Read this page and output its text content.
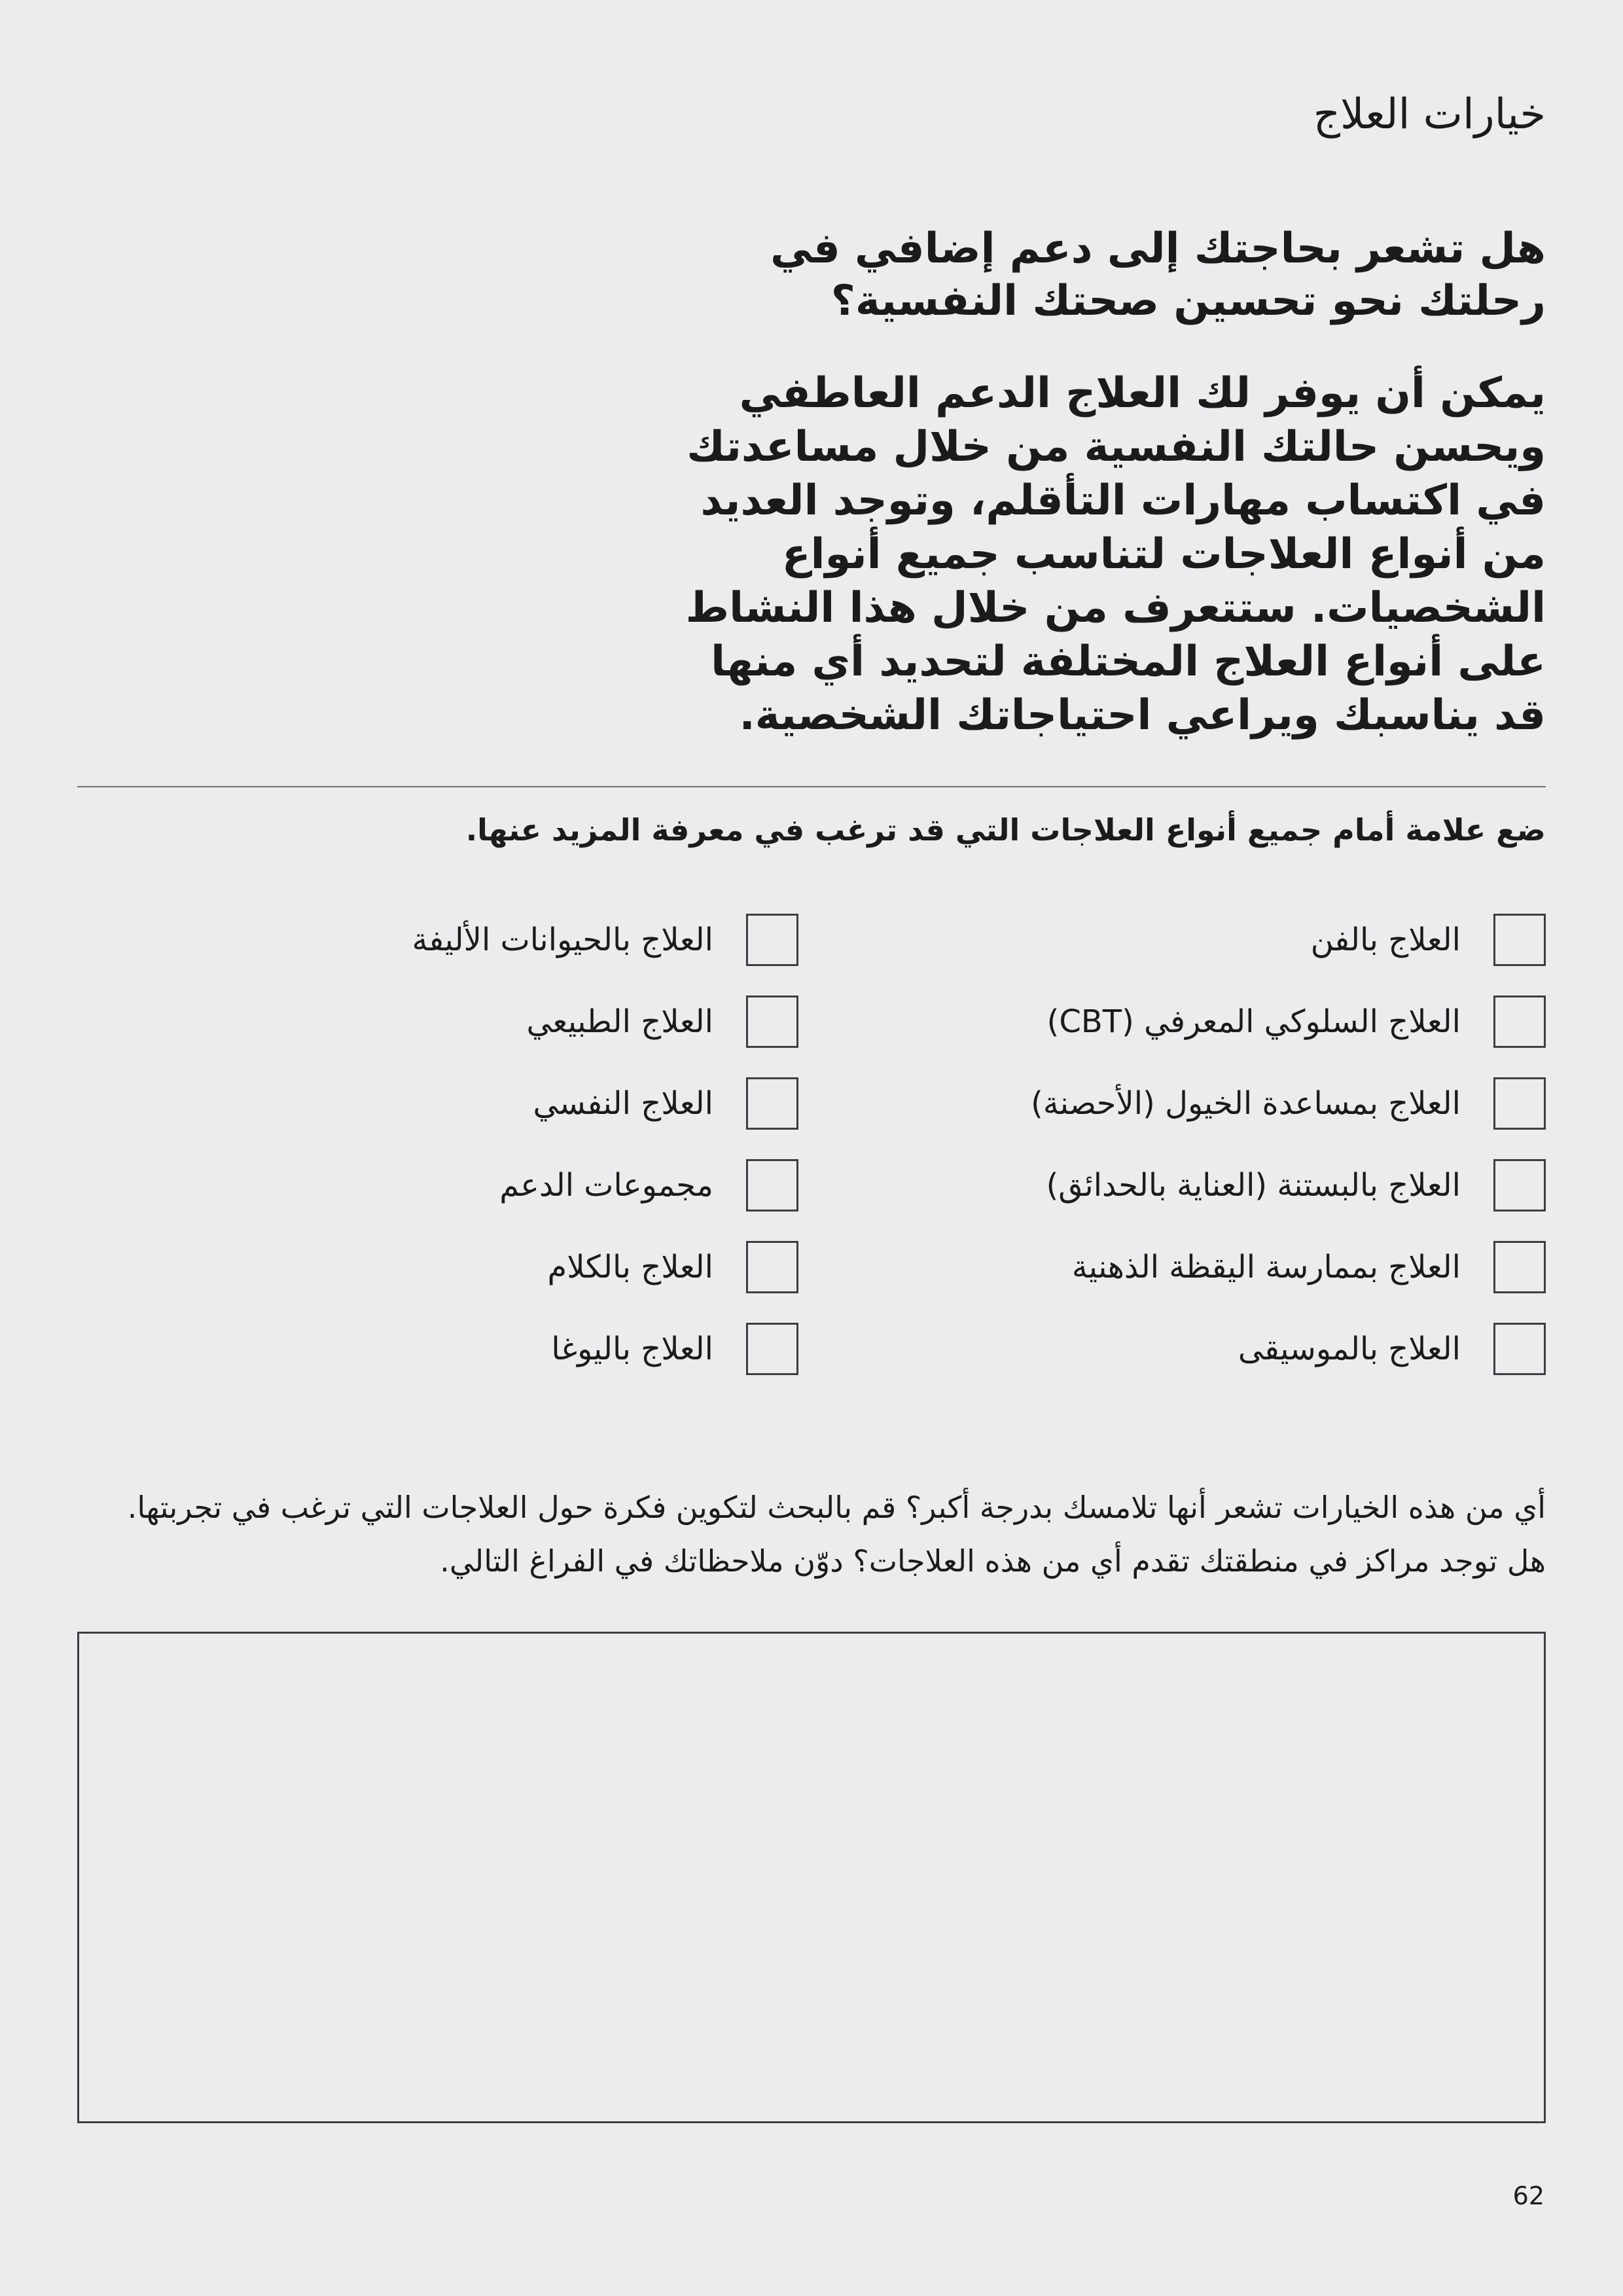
خيارات العلاج
هل تشعر بحاجتك إلى دعم إضافي في رحلتك نحو تحسين صحتك النفسية؟
يمكن أن يوفر لك العلاج الدعم العاطفي ويحسن حالتك النفسية من خلال مساعدتك في اكتساب مهارات التأقلم، وتوجد العديد من أنواع العلاجات لتناسب جميع أنواع الشخصيات. ستتعرف من خلال هذا النشاط على أنواع العلاج المختلفة لتحديد أي منها قد يناسبك ويراعي احتياجاتك الشخصية.
ضع علامة أمام جميع أنواع العلاجات التي قد ترغب في معرفة المزيد عنها.
العلاج بالفن
العلاج السلوكي المعرفي (CBT)
العلاج بمساعدة الخيول (الأحصنة)
العلاج بالبستنة (العناية بالحدائق)
العلاج بممارسة اليقظة الذهنية
العلاج بالموسيقى
العلاج بالحيوانات الأليفة
العلاج الطبيعي
العلاج النفسي
مجموعات الدعم
العلاج بالكلام
العلاج باليوغا
أي من هذه الخيارات تشعر أنها تلامسك بدرجة أكبر؟ قم بالبحث لتكوين فكرة حول العلاجات التي ترغب في تجربتها.
هل توجد مراكز في منطقتك تقدم أي من هذه العلاجات؟ دوّن ملاحظاتك في الفراغ التالي.
62
